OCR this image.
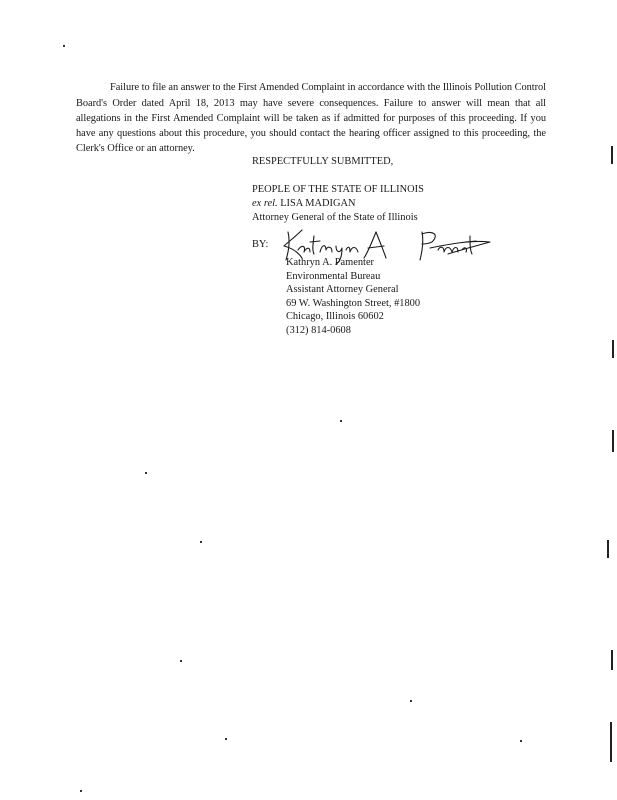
Failure to file an answer to the First Amended Complaint in accordance with the Illinois Pollution Control Board's Order dated April 18, 2013 may have severe consequences. Failure to answer will mean that all allegations in the First Amended Complaint will be taken as if admitted for purposes of this proceeding. If you have any questions about this procedure, you should contact the hearing officer assigned to this proceeding, the Clerk's Office or an attorney.

RESPECTFULLY SUBMITTED,
PEOPLE OF THE STATE OF ILLINOIS
ex rel. LISA MADIGAN
Attorney General of the State of Illinois
BY:
Kathryn A. Pamenter
Kathryn A. Pamenter
Environmental Bureau
Assistant Attorney General
69 W. Washington Street, #1800
Chicago, Illinois 60602
(312) 814-0608
